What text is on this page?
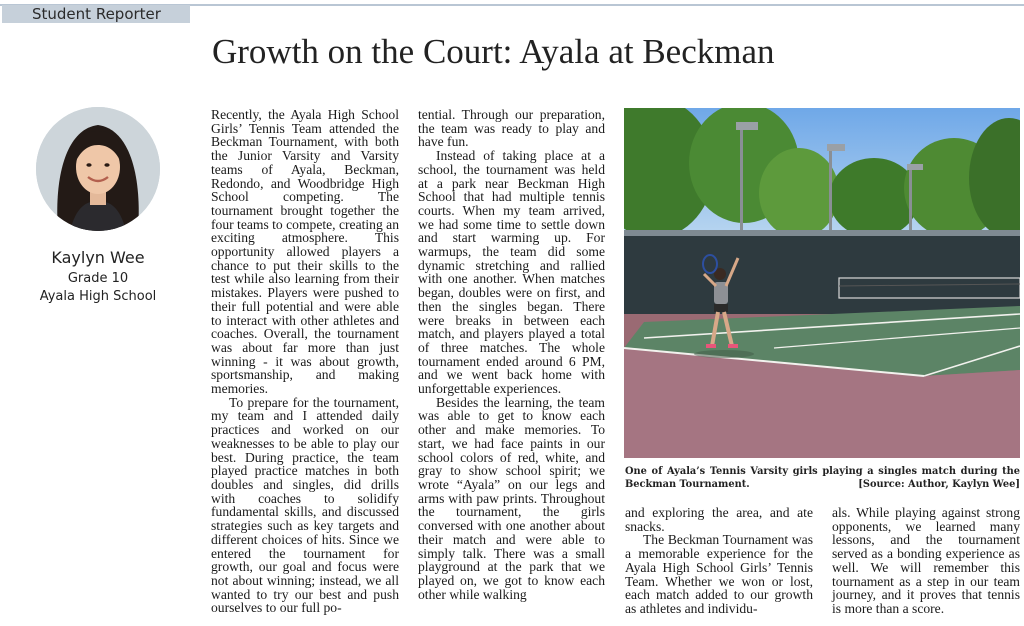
Student Reporter
Growth on the Court: Ayala at Beckman
Kaylyn Wee
Grade 10
Ayala High School

Recently, the Ayala High School Girls’ Tennis Team attended the Beckman Tournament, with both the Junior Varsity and Varsity teams of Ayala, Beckman, Redondo, and Woodbridge High School competing. The tournament brought together the four teams to compete, creating an exciting atmosphere. This opportunity allowed players a chance to put their skills to the test while also learning from their mistakes. Players were pushed to their full potential and were able to interact with other athletes and coaches. Overall, the tournament was about far more than just winning - it was about growth, sportsmanship, and making memories.

To prepare for the tournament, my team and I attended daily practices and worked on our weaknesses to be able to play our best. During practice, the team played practice matches in both doubles and singles, did drills with coaches to solidify fundamental skills, and discussed strategies such as key targets and different choices of hits. Since we entered the tournament for growth, our goal and focus were not about winning; instead, we all wanted to try our best and push ourselves to our full po-

tential. Through our preparation, the team was ready to play and have fun.

Instead of taking place at a school, the tournament was held at a park near Beckman High School that had multiple tennis courts. When my team arrived, we had some time to settle down and start warming up. For warmups, the team did some dynamic stretching and rallied with one another. When matches began, doubles were on first, and then the singles began. There were breaks in between each match, and players played a total of three matches. The whole tournament ended around 6 PM, and we went back home with unforgettable experiences.

Besides the learning, the team was able to get to know each other and make memories. To start, we had face paints in our school colors of red, white, and gray to show school spirit; we wrote “Ayala” on our legs and arms with paw prints. Throughout the tournament, the girls conversed with one another about their match and were able to simply talk. There was a small playground at the park that we played on, we got to know each other while walking

One of Ayala’s Tennis Varsity girls playing a singles match during the Beckman Tournament.	[Source: Author, Kaylyn Wee]

and exploring the area, and ate snacks.

The Beckman Tournament was a memorable experience for the Ayala High School Girls’ Tennis Team. Whether we won or lost, each match added to our growth as athletes and individu-

als. While playing against strong opponents, we learned many lessons, and the tournament served as a bonding experience as well. We will remember this tournament as a step in our team journey, and it proves that tennis is more than a score.
